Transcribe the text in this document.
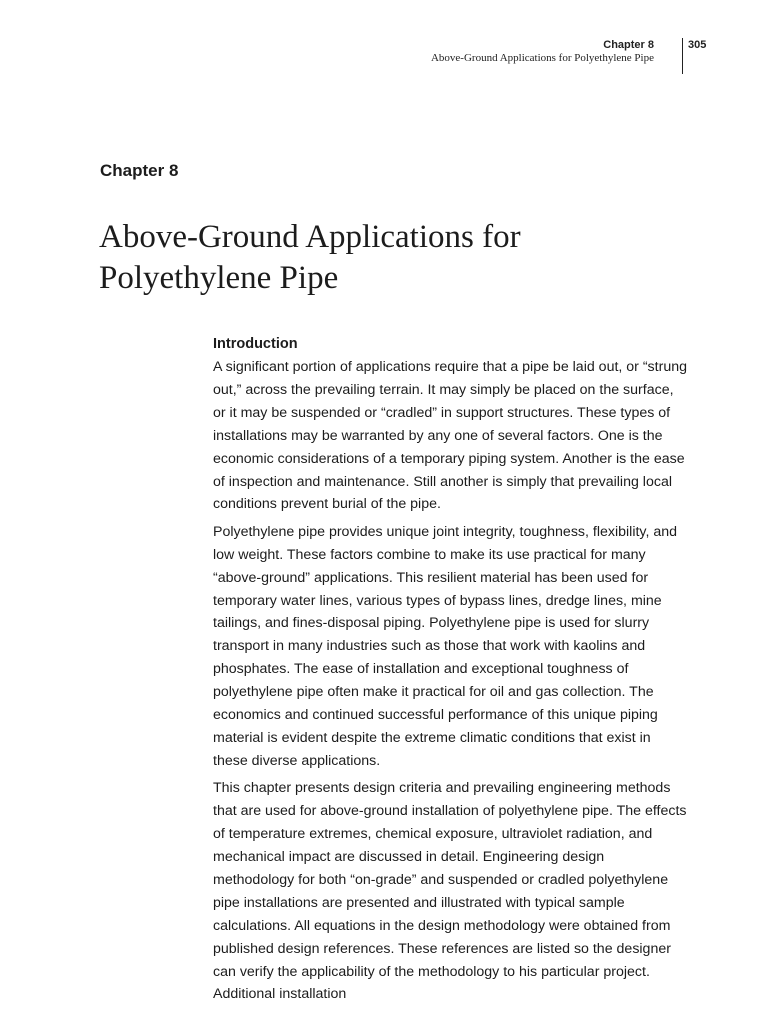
Chapter 8
Above-Ground Applications for Polyethylene Pipe
305
Chapter 8
Above-Ground Applications for
Polyethylene Pipe
Introduction

A significant portion of applications require that a pipe be laid out, or “strung out,” across the prevailing terrain. It may simply be placed on the surface, or it may be suspended or “cradled” in support structures. These types of installations may be warranted by any one of several factors. One is the economic considerations of a temporary piping system. Another is the ease of inspection and maintenance. Still another is simply that prevailing local conditions prevent burial of the pipe.

Polyethylene pipe provides unique joint integrity, toughness, flexibility, and low weight. These factors combine to make its use practical for many “above-ground” applications. This resilient material has been used for temporary water lines, various types of bypass lines, dredge lines, mine tailings, and fines-disposal piping. Polyethylene pipe is used for slurry transport in many industries such as those that work with kaolins and phosphates. The ease of installation and exceptional toughness of polyethylene pipe often make it practical for oil and gas collection. The economics and continued successful performance of this unique piping material is evident despite the extreme climatic conditions that exist in these diverse applications.

This chapter presents design criteria and prevailing engineering methods that are used for above-ground installation of polyethylene pipe. The effects of temperature extremes, chemical exposure, ultraviolet radiation, and mechanical impact are discussed in detail. Engineering design methodology for both “on-grade” and suspended or cradled polyethylene pipe installations are presented and illustrated with typical sample calculations. All equations in the design methodology were obtained from published design references. These references are listed so the designer can verify the applicability of the methodology to his particular project. Additional installation
